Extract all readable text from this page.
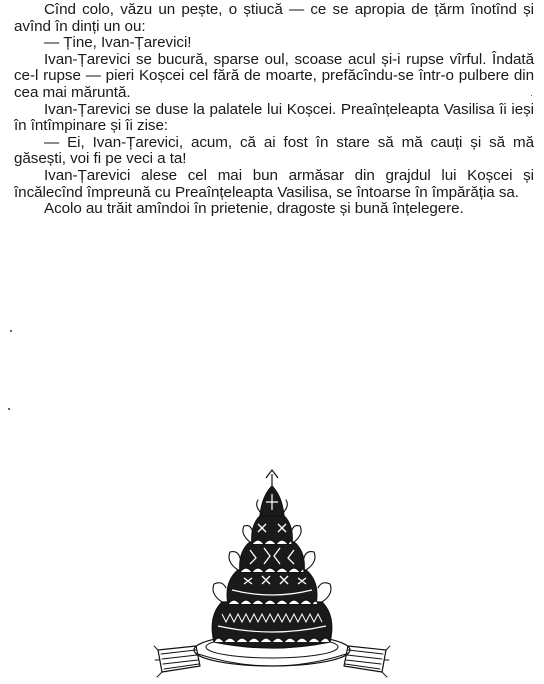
Cînd colo, văzu un pește, o știucă — ce se apropia de țărm înotînd și avînd în dinți un ou:

— Ține, Ivan-Țarevici!

Ivan-Țarevici se bucură, sparse oul, scoase acul și-i rupse vîrful. Îndată ce-l rupse — pieri Koșcei cel fără de moarte, prefăcîndu-se într-o pulbere din cea mai măruntă.

Ivan-Țarevici se duse la palatele lui Koșcei. Preaînțeleapta Vasilisa îi ieși în întîmpinare și îi zise:

— Ei, Ivan-Țarevici, acum, că ai fost în stare să mă cauți și să mă găsești, voi fi pe veci a ta!

Ivan-Țarevici alese cel mai bun armăsar din grajdul lui Koșcei și încălecînd împreună cu Preaînțeleapta Vasilisa, se întoarse în împărăția sa.

Acolo au trăit amîndoi în prietenie, dragoste și bună înțelegere.
